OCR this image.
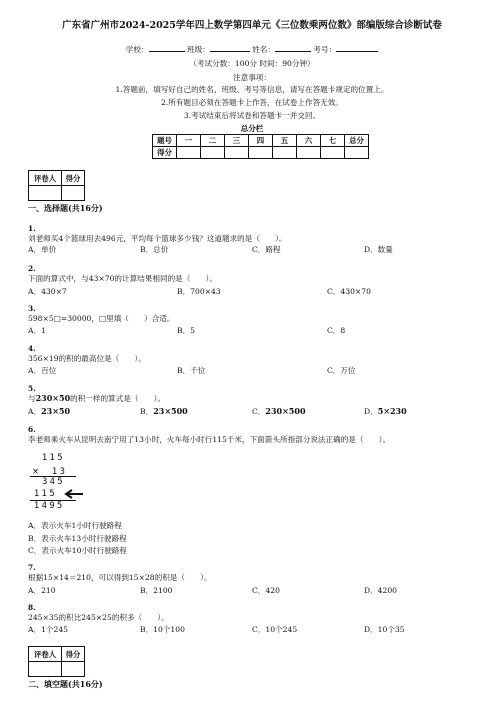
广东省广州市2024-2025学年四上数学第四单元《三位数乘两位数》部编版综合诊断试卷
学校：	班级：	姓名：	考号：
（考试分数：100分 时间：90分钟）
注意事项：
1.答题前，填写好自己的姓名、班级、考号等信息，请写在答题卡规定的位置上。
2.所有题目必须在答题卡上作答，在试卷上作答无效。
3.考试结束后将试卷和答题卡一并交回。
总分栏
题号	一	二	三	四	五	六	七	总分
得分								
评卷人	得分

一、选择题(共16分)
1.
刘老师买4个篮球用去496元，平均每个篮球多少钱？这道题求的是（　　）。
A．单价	B．总价	C．路程	D．数量
2.
下面的算式中，与43×70的计算结果相同的是（　　）。
A．430×7	B．700×43	C．430×70
3.
598×5□=30000，□里填（　　）合适。
A．1	B．5	C．8
4.
356×19的积的最高位是（　　）。
A．百位	B．千位	C．万位
5.
与230×50的积一样的算式是（　　）。
A．23×50	B．23×500	C．230×500	D．5×230
6.
李老师乘火车从昆明去南宁用了13小时，火车每小时行115千米，下面箭头所指部分说法正确的是（　　）。
115
×　13
345
115
1495
A．表示火车1小时行驶路程
B．表示火车13小时行驶路程
C．表示火车10小时行驶路程
7.
根据15×14＝210，可以得到15×28的积是（　　）。
A．210	B．2100	C．420	D．4200
8.
245×35的积比245×25的积多（　　）。
A．1个245	B．10个100	C．10个245	D．10个35
评卷人	得分

二、填空题(共16分)
